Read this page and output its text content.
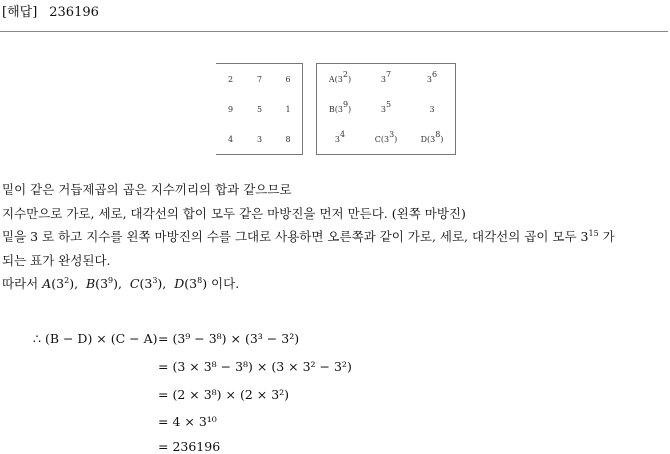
[해답] 236196
2	7	6
9	5	1
4	3	8
$A(3^2)$	$3^7$	$3^6$
$B(3^9)$	$3^5$	3
$3^4$	$C(3^3)$	$D(3^8)$

밑이 같은 거듭제곱의 곱은 지수끼리의 합과 같으므로

지수만으로 가로, 세로, 대각선의 합이 모두 같은 마방진을 먼저 만든다. (왼쪽 마방진)

밑을 3 로 하고 지수를 왼쪽 마방진의 수를 그대로 사용하면 오른쪽과 같이 가로, 세로, 대각선의 곱이 모두 $3^{15}$ 가

되는 표가 완성된다.

따라서 $A(3^2)$,  $B(3^9)$,  $C(3^3)$,  $D(3^8)$ 이다.

∴ (B − D) × (C − A) = (3⁹ − 3⁸) × (3³ − 3²)
= (3 × 3⁸ − 3⁸) × (3 × 3² − 3²)
= (2 × 3⁸) × (2 × 3²)
= 4 × 3¹⁰
= 236196
